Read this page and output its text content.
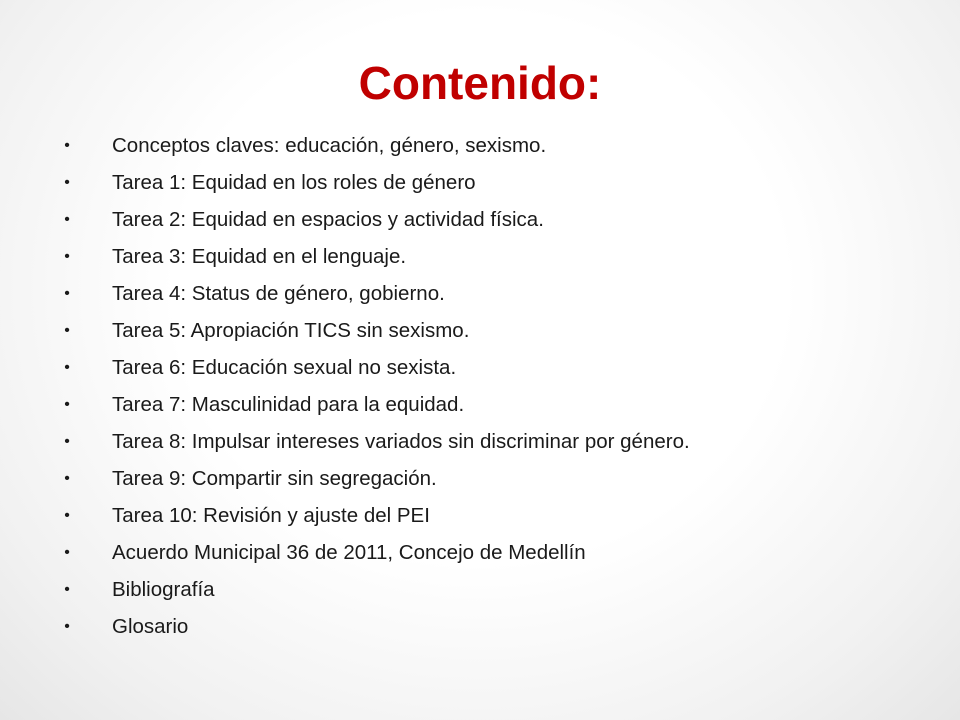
Contenido:
• Conceptos claves: educación, género, sexismo.
• Tarea 1: Equidad en los roles de género
• Tarea 2: Equidad en espacios y actividad física.
• Tarea 3: Equidad en el lenguaje.
• Tarea 4: Status de género, gobierno.
• Tarea 5: Apropiación TICS sin sexismo.
• Tarea 6: Educación sexual no sexista.
• Tarea 7: Masculinidad para la equidad.
• Tarea 8: Impulsar intereses variados sin discriminar por género.
• Tarea 9: Compartir sin segregación.
• Tarea 10: Revisión y ajuste del PEI
• Acuerdo Municipal 36 de 2011, Concejo de Medellín
• Bibliografía
• Glosario
